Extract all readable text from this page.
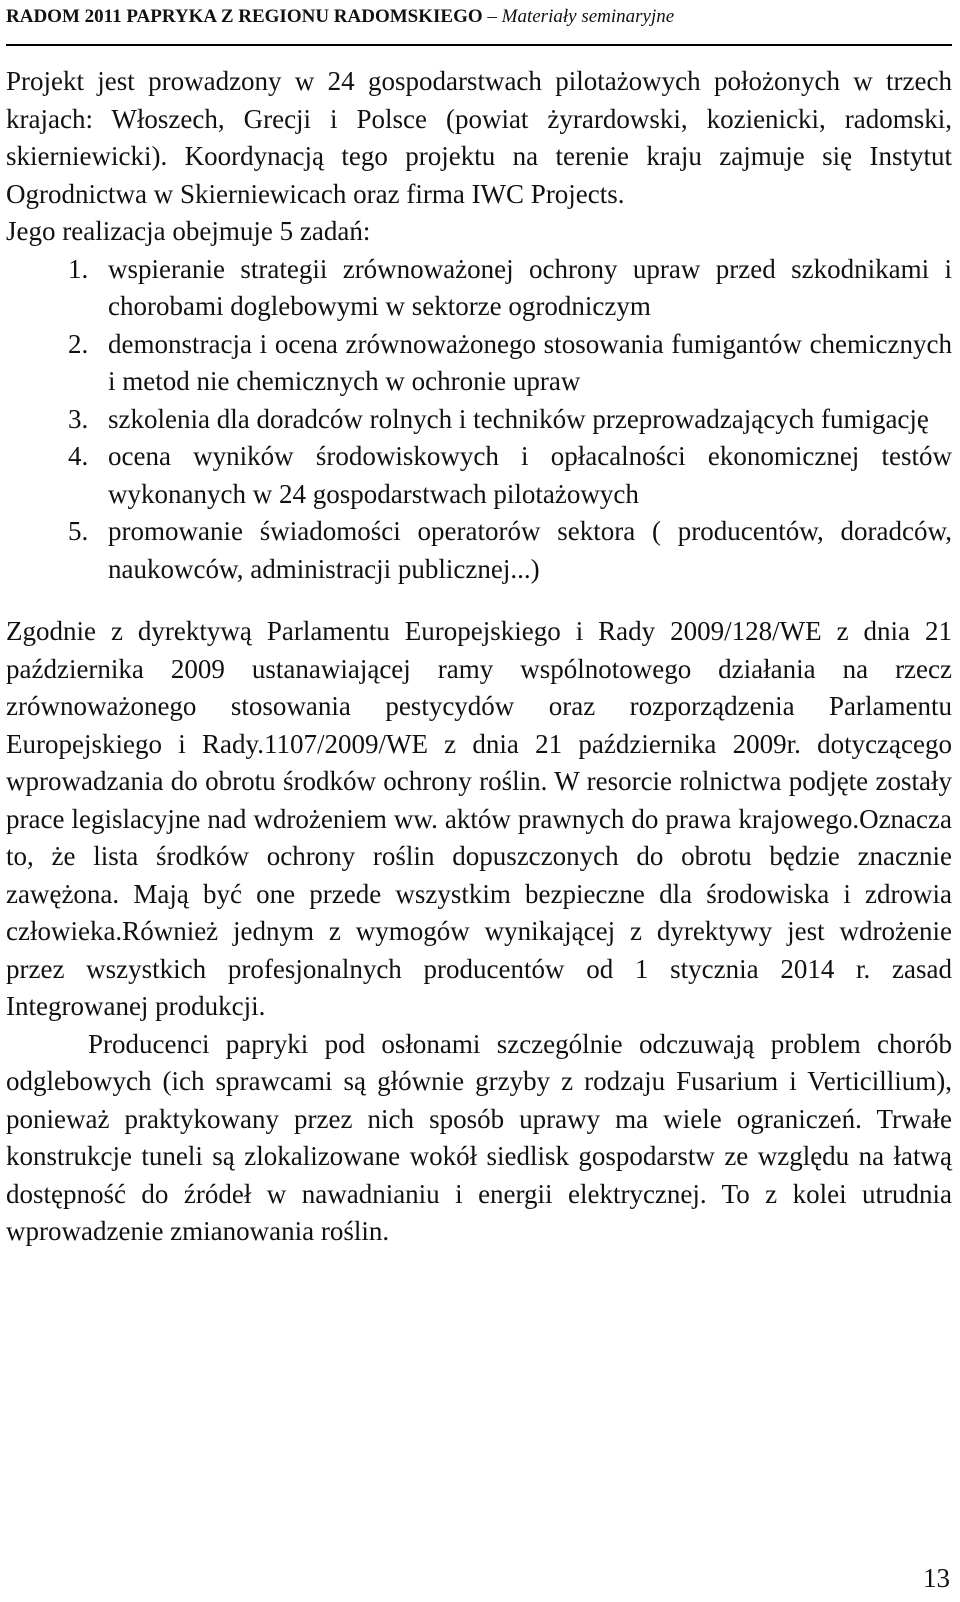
RADOM 2011 PAPRYKA Z REGIONU RADOMSKIEGO – Materiały seminaryjne

Projekt jest prowadzony w 24 gospodarstwach pilotażowych położonych w trzech krajach: Włoszech, Grecji i Polsce (powiat żyrardowski, kozienicki, radomski, skierniewicki). Koordynacją tego projektu na terenie kraju zajmuje się Instytut Ogrodnictwa w Skierniewicach oraz firma IWC Projects.

Jego realizacja obejmuje 5 zadań:

1. wspieranie strategii zrównoważonej ochrony upraw przed szkodnikami i chorobami doglebowymi w sektorze ogrodniczym
2. demonstracja i ocena zrównoważonego stosowania fumigantów chemicznych i metod nie chemicznych w ochronie upraw
3. szkolenia dla doradców rolnych i techników przeprowadzających fumigację
4. ocena wyników środowiskowych i opłacalności ekonomicznej testów wykonanych w 24 gospodarstwach pilotażowych
5. promowanie świadomości operatorów sektora ( producentów, doradców, naukowców, administracji publicznej...)

Zgodnie z dyrektywą Parlamentu Europejskiego i Rady 2009/128/WE z dnia 21 października 2009 ustanawiającej ramy wspólnotowego działania na rzecz zrównoważonego stosowania pestycydów oraz rozporządzenia Parlamentu Europejskiego i Rady.1107/2009/WE z dnia 21 października 2009r. dotyczącego wprowadzania do obrotu środków ochrony roślin. W resorcie rolnictwa podjęte zostały prace legislacyjne nad wdrożeniem ww. aktów prawnych do prawa krajowego.Oznacza to, że lista środków ochrony roślin dopuszczonych do obrotu będzie znacznie zawężona. Mają być one przede wszystkim bezpieczne dla środowiska i zdrowia człowieka.Również jednym z wymogów wynikającej z dyrektywy jest wdrożenie przez wszystkich profesjonalnych producentów od 1 stycznia 2014 r. zasad Integrowanej produkcji.

Producenci papryki pod osłonami szczególnie odczuwają problem chorób odglebowych (ich sprawcami są głównie grzyby z rodzaju Fusarium i Verticillium), ponieważ praktykowany przez nich sposób uprawy ma wiele ograniczeń. Trwałe konstrukcje tuneli są zlokalizowane wokół siedlisk gospodarstw ze względu na łatwą dostępność do źródeł w nawadnianiu i energii elektrycznej. To z kolei utrudnia wprowadzenie zmianowania roślin.

13
